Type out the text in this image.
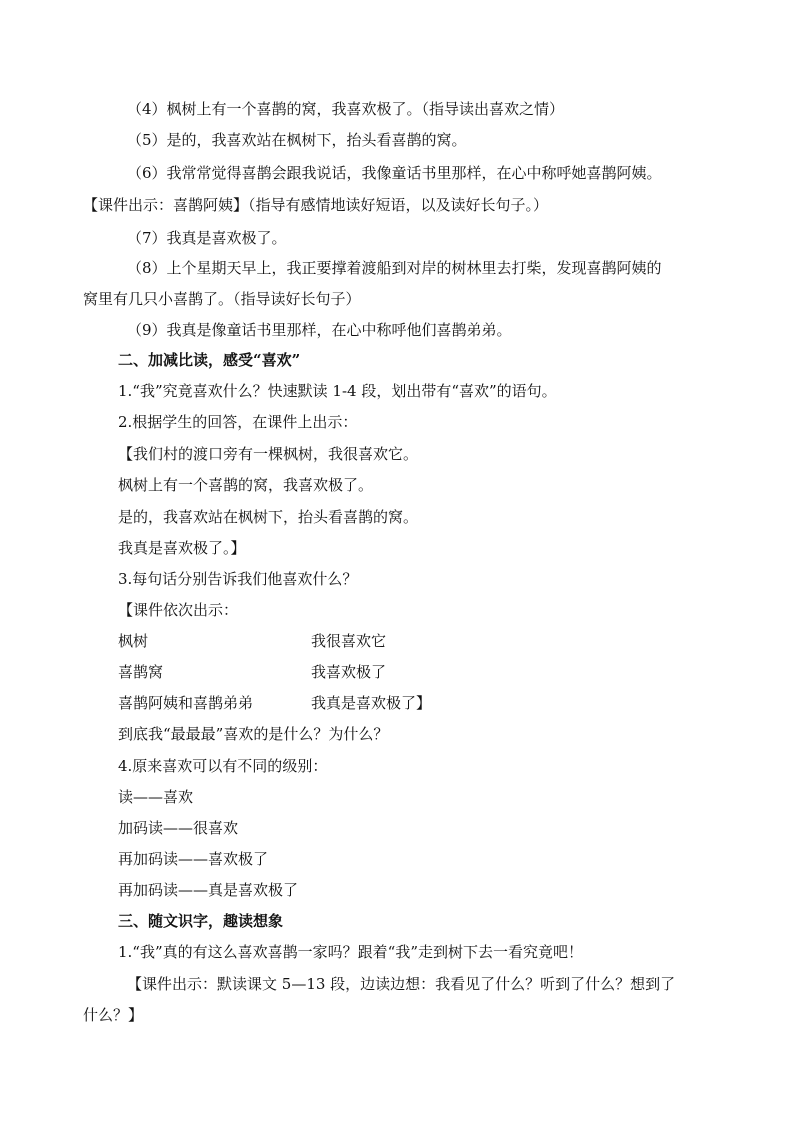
（4）枫树上有一个喜鹊的窝，我喜欢极了。（指导读出喜欢之情）
（5）是的，我喜欢站在枫树下，抬头看喜鹊的窝。
（6）我常常觉得喜鹊会跟我说话，我像童话书里那样，在心中称呼她喜鹊阿姨。
【课件出示：喜鹊阿姨】（指导有感情地读好短语，以及读好长句子。）
（7）我真是喜欢极了。
（8）上个星期天早上，我正要撑着渡船到对岸的树林里去打柴，发现喜鹊阿姨的
窝里有几只小喜鹊了。（指导读好长句子）
（9）我真是像童话书里那样，在心中称呼他们喜鹊弟弟。
二、加减比读，感受“喜欢”
1.“我”究竟喜欢什么？快速默读 1-4 段，划出带有“喜欢”的语句。
2.根据学生的回答，在课件上出示：
【我们村的渡口旁有一棵枫树，我很喜欢它。
枫树上有一个喜鹊的窝，我喜欢极了。
是的，我喜欢站在枫树下，抬头看喜鹊的窝。
我真是喜欢极了。】
3.每句话分别告诉我们他喜欢什么？
【课件依次出示：
枫树	我很喜欢它
喜鹊窝	我喜欢极了
喜鹊阿姨和喜鹊弟弟	我真是喜欢极了】
到底我“最最最”喜欢的是什么？为什么？
4.原来喜欢可以有不同的级别：
读——喜欢
加码读——很喜欢
再加码读——喜欢极了
再加码读——真是喜欢极了
三、随文识字，趣读想象
1.“我”真的有这么喜欢喜鹊一家吗？跟着“我”走到树下去一看究竟吧！
【课件出示：默读课文 5—13 段，边读边想：我看见了什么？听到了什么？想到了
什么？】
